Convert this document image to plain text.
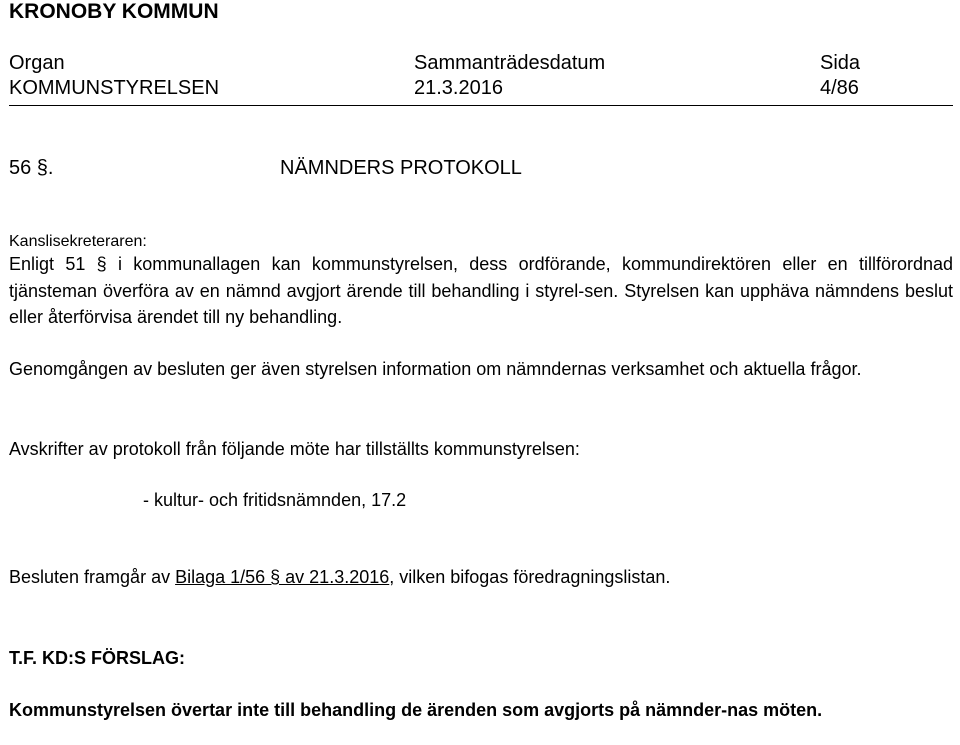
KRONOBY KOMMUN
Organ	Sammanträdesdatum	Sida
KOMMUNSTYRELSEN	21.3.2016	4/86
56 §.	NÄMNDERS PROTOKOLL
Kanslisekreteraren:
Enligt 51 § i kommunallagen kan kommunstyrelsen, dess ordförande, kommundirektören eller en tillförordnad tjänsteman överföra av en nämnd avgjort ärende till behandling i styrel-sen. Styrelsen kan upphäva nämndens beslut eller återförvisa ärendet till ny behandling.
Genomgången av besluten ger även styrelsen information om nämndernas verksamhet och aktuella frågor.
Avskrifter av protokoll från följande möte har tillställts kommunstyrelsen:
- kultur- och fritidsnämnden, 17.2
Besluten framgår av Bilaga 1/56 § av 21.3.2016, vilken bifogas föredragningslistan.
T.F. KD:S FÖRSLAG:
Kommunstyrelsen övertar inte till behandling de ärenden som avgjorts på nämnder-nas möten.
